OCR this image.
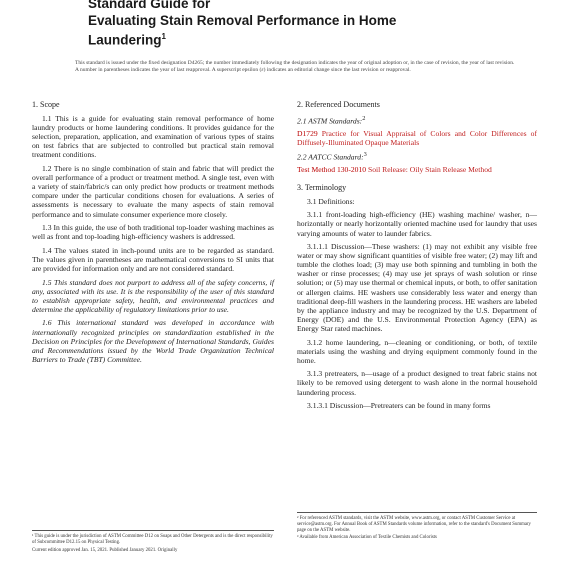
Standard Guide for
Evaluating Stain Removal Performance in Home
Laundering$^1$
This standard is issued under the fixed designation D4265; the number immediately following the designation indicates the year of original adoption or, in the case of revision, the year of last revision. A number in parentheses indicates the year of last reapproval. A superscript epsilon (ε) indicates an editorial change since the last revision or reapproval.
1. Scope
1.1 This is a guide for evaluating stain removal performance of home laundry products or home laundering conditions. It provides guidance for the selection, preparation, application, and examination of various types of stains on test fabrics that are subjected to controlled but practical stain removal treatment conditions.
1.2 There is no single combination of stain and fabric that will predict the overall performance of a product or treatment method. A single test, even with a variety of stain/fabric/s can only predict how products or treatment methods compare under the particular conditions chosen for evaluations. A series of assessments is necessary to evaluate the many aspects of stain removal performance and to simulate consumer experience more closely.
1.3 In this guide, the use of both traditional top-loader washing machines as well as front and top-loading high-efficiency washers is addressed.
1.4 The values stated in inch-pound units are to be regarded as standard. The values given in parentheses are mathematical conversions to SI units that are provided for information only and are not considered standard.
1.5 This standard does not purport to address all of the safety concerns, if any, associated with its use. It is the responsibility of the user of this standard to establish appropriate safety, health, and environmental practices and determine the applicability of regulatory limitations prior to use.
1.6 This international standard was developed in accordance with internationally recognized principles on standardization established in the Decision on Principles for the Development of International Standards, Guides and Recommendations issued by the World Trade Organization Technical Barriers to Trade (TBT) Committee.
2. Referenced Documents
2.1 ASTM Standards:$^2$
D1729 Practice for Visual Appraisal of Colors and Color Differences of Diffusely-Illuminated Opaque Materials
2.2 AATCC Standard:$^3$
Test Method 130-2010 Soil Release: Oily Stain Release Method
3. Terminology
3.1 Definitions:
3.1.1 front-loading high-efficiency (HE) washing machine/ washer, n—horizontally or nearly horizontally oriented machine used for laundry that uses varying amounts of water to launder fabrics.
3.1.1.1 Discussion—These washers: (1) may not exhibit any visible free water or may show significant quantities of visible free water; (2) may lift and tumble the clothes load; (3) may use both spinning and tumbling in both the washer or rinse processes; (4) may use jet sprays of wash solution or rinse solution; or (5) may use thermal or chemical inputs, or both, to offer sanitation or allergen claims. HE washers use considerably less water and energy than traditional deep-fill washers in the laundering process. HE washers are labeled by the appliance industry and may be recognized by the U.S. Department of Energy (DOE) and the U.S. Environmental Protection Agency (EPA) as Energy Star rated machines.
3.1.2 home laundering, n—cleaning or conditioning, or both, of textile materials using the washing and drying equipment commonly found in the home.
3.1.3 pretreaters, n—usage of a product designed to treat fabric stains not likely to be removed using detergent to wash alone in the normal household laundering process.
3.1.3.1 Discussion—Pretreaters can be found in many forms
¹ This guide is under the jurisdiction of ASTM Committee D12 on Soaps and Other Detergents and is the direct responsibility of Subcommittee D12.15 on Physical Testing.
Current edition approved Jan. 15, 2021. Published January 2021. Originally
² For referenced ASTM standards, visit the ASTM website, www.astm.org, or contact ASTM Customer Service at service@astm.org. For Annual Book of ASTM Standards volume information, refer to the standard's Document Summary page on the ASTM website.
³ Available from American Association of Textile Chemists and Colorists
